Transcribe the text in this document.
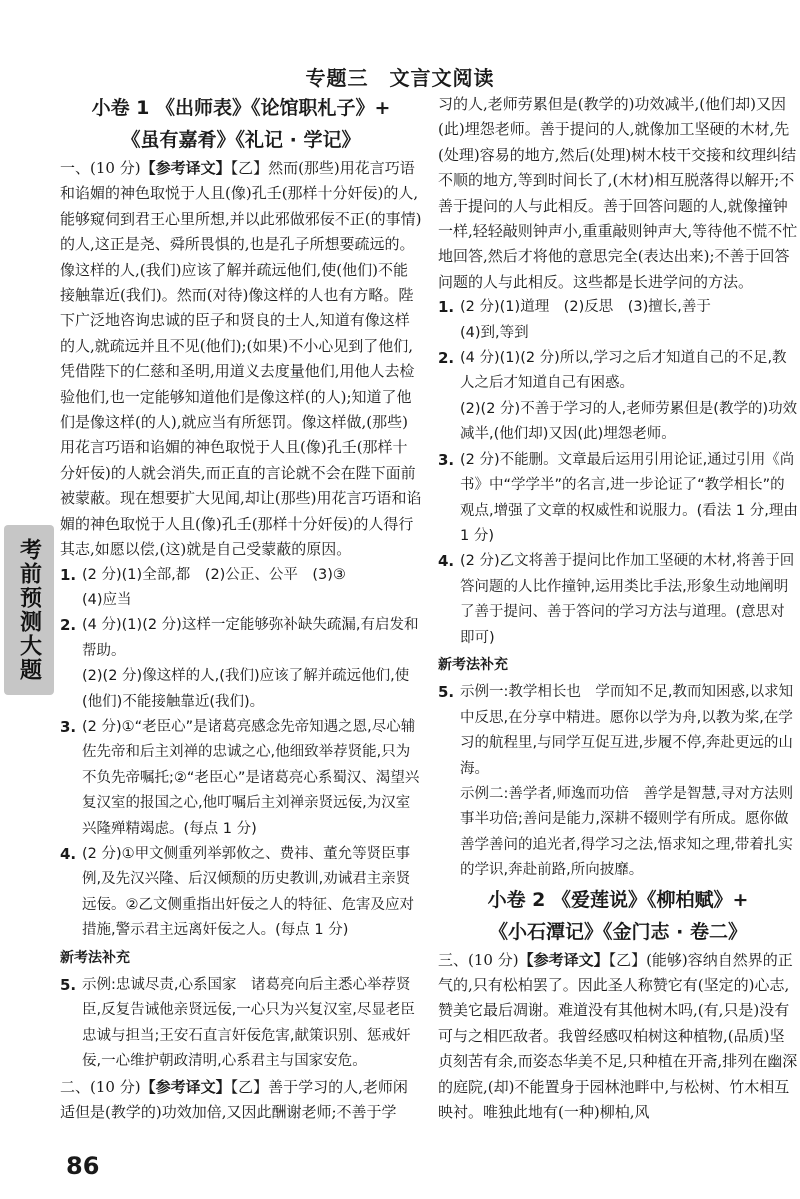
专题三　文言文阅读
考前预测大题
小卷 1 《出师表》《论馆职札子》+
《虽有嘉肴》《礼记 · 学记》

一、(10 分)【参考译文】【乙】然而(那些)用花言巧语和谄媚的神色取悦于人且(像)孔壬(那样十分奸佞)的人,能够窥伺到君王心里所想,并以此邪做邪佞不正(的事情)的人,这正是尧、舜所畏惧的,也是孔子所想要疏远的。像这样的人,(我们)应该了解并疏远他们,使(他们)不能接触靠近(我们)。然而(对待)像这样的人也有方略。陛下广泛地咨询忠诚的臣子和贤良的士人,知道有像这样的人,就疏远并且不见(他们);(如果)不小心见到了他们,凭借陛下的仁慈和圣明,用道义去度量他们,用他人去检验他们,也一定能够知道他们是像这样(的人);知道了他们是像这样(的人),就应当有所惩罚。像这样做,(那些)用花言巧语和谄媚的神色取悦于人且(像)孔壬(那样十分奸佞)的人就会消失,而正直的言论就不会在陛下面前被蒙蔽。现在想要扩大见闻,却让(那些)用花言巧语和谄媚的神色取悦于人且(像)孔壬(那样十分奸佞)的人得行其志,如愿以偿,(这)就是自己受蒙蔽的原因。

1. (2 分)(1)全部,都　(2)公正、公平　(3)③
(4)应当
2. (4 分)(1)(2 分)这样一定能够弥补缺失疏漏,有启发和帮助。
(2)(2 分)像这样的人,(我们)应该了解并疏远他们,使(他们)不能接触靠近(我们)。
3. (2 分)①“老臣心”是诸葛亮感念先帝知遇之恩,尽心辅佐先帝和后主刘禅的忠诚之心,他细致举荐贤能,只为不负先帝嘱托;②“老臣心”是诸葛亮心系蜀汉、渴望兴复汉室的报国之心,他叮嘱后主刘禅亲贤远佞,为汉室兴隆殚精竭虑。(每点 1 分)
4. (2 分)①甲文侧重列举郭攸之、费祎、董允等贤臣事例,及先汉兴隆、后汉倾颓的历史教训,劝诫君主亲贤远佞。②乙文侧重指出奸佞之人的特征、危害及应对措施,警示君主远离奸佞之人。(每点 1 分)
新考法补充
5. 示例:忠诚尽责,心系国家　诸葛亮向后主悉心举荐贤臣,反复告诫他亲贤远佞,一心只为兴复汉室,尽显老臣忠诚与担当;王安石直言奸佞危害,献策识别、惩戒奸佞,一心维护朝政清明,心系君主与国家安危。

二、(10 分)【参考译文】【乙】善于学习的人,老师闲适但是(教学的)功效加倍,又因此酬谢老师;不善于学

习的人,老师劳累但是(教学的)功效减半,(他们却)又因(此)埋怨老师。善于提问的人,就像加工坚硬的木材,先(处理)容易的地方,然后(处理)树木枝干交接和纹理纠结不顺的地方,等到时间长了,(木材)相互脱落得以解开;不善于提问的人与此相反。善于回答问题的人,就像撞钟一样,轻轻敲则钟声小,重重敲则钟声大,等待他不慌不忙地回答,然后才将他的意思完全(表达出来);不善于回答问题的人与此相反。这些都是长进学问的方法。

1. (2 分)(1)道理　(2)反思　(3)擅长,善于
(4)到,等到
2. (4 分)(1)(2 分)所以,学习之后才知道自己的不足,教人之后才知道自己有困惑。
(2)(2 分)不善于学习的人,老师劳累但是(教学的)功效减半,(他们却)又因(此)埋怨老师。
3. (2 分)不能删。文章最后运用引用论证,通过引用《尚书》中“学学半”的名言,进一步论证了“教学相长”的观点,增强了文章的权威性和说服力。(看法 1 分,理由 1 分)
4. (2 分)乙文将善于提问比作加工坚硬的木材,将善于回答问题的人比作撞钟,运用类比手法,形象生动地阐明了善于提问、善于答问的学习方法与道理。(意思对即可)
新考法补充
5. 示例一:教学相长也　学而知不足,教而知困惑,以求知中反思,在分享中精进。愿你以学为舟,以教为桨,在学习的航程里,与同学互促互进,步履不停,奔赴更远的山海。
示例二:善学者,师逸而功倍　善学是智慧,寻对方法则事半功倍;善问是能力,深耕不辍则学有所成。愿你做善学善问的追光者,得学习之法,悟求知之理,带着扎实的学识,奔赴前路,所向披靡。
小卷 2 《爱莲说》《柳柏赋》+
《小石潭记》《金门志 · 卷二》

三、(10 分)【参考译文】【乙】(能够)容纳自然界的正气的,只有松柏罢了。因此圣人称赞它有(坚定的)心志,赞美它最后凋谢。难道没有其他树木吗,(有,只是)没有可与之相匹敌者。我曾经感叹柏树这种植物,(品质)坚贞刻苦有余,而姿态华美不足,只种植在开斋,排列在幽深的庭院,(却)不能置身于园林池畔中,与松树、竹木相互映衬。唯独此地有(一种)柳柏,风

86
